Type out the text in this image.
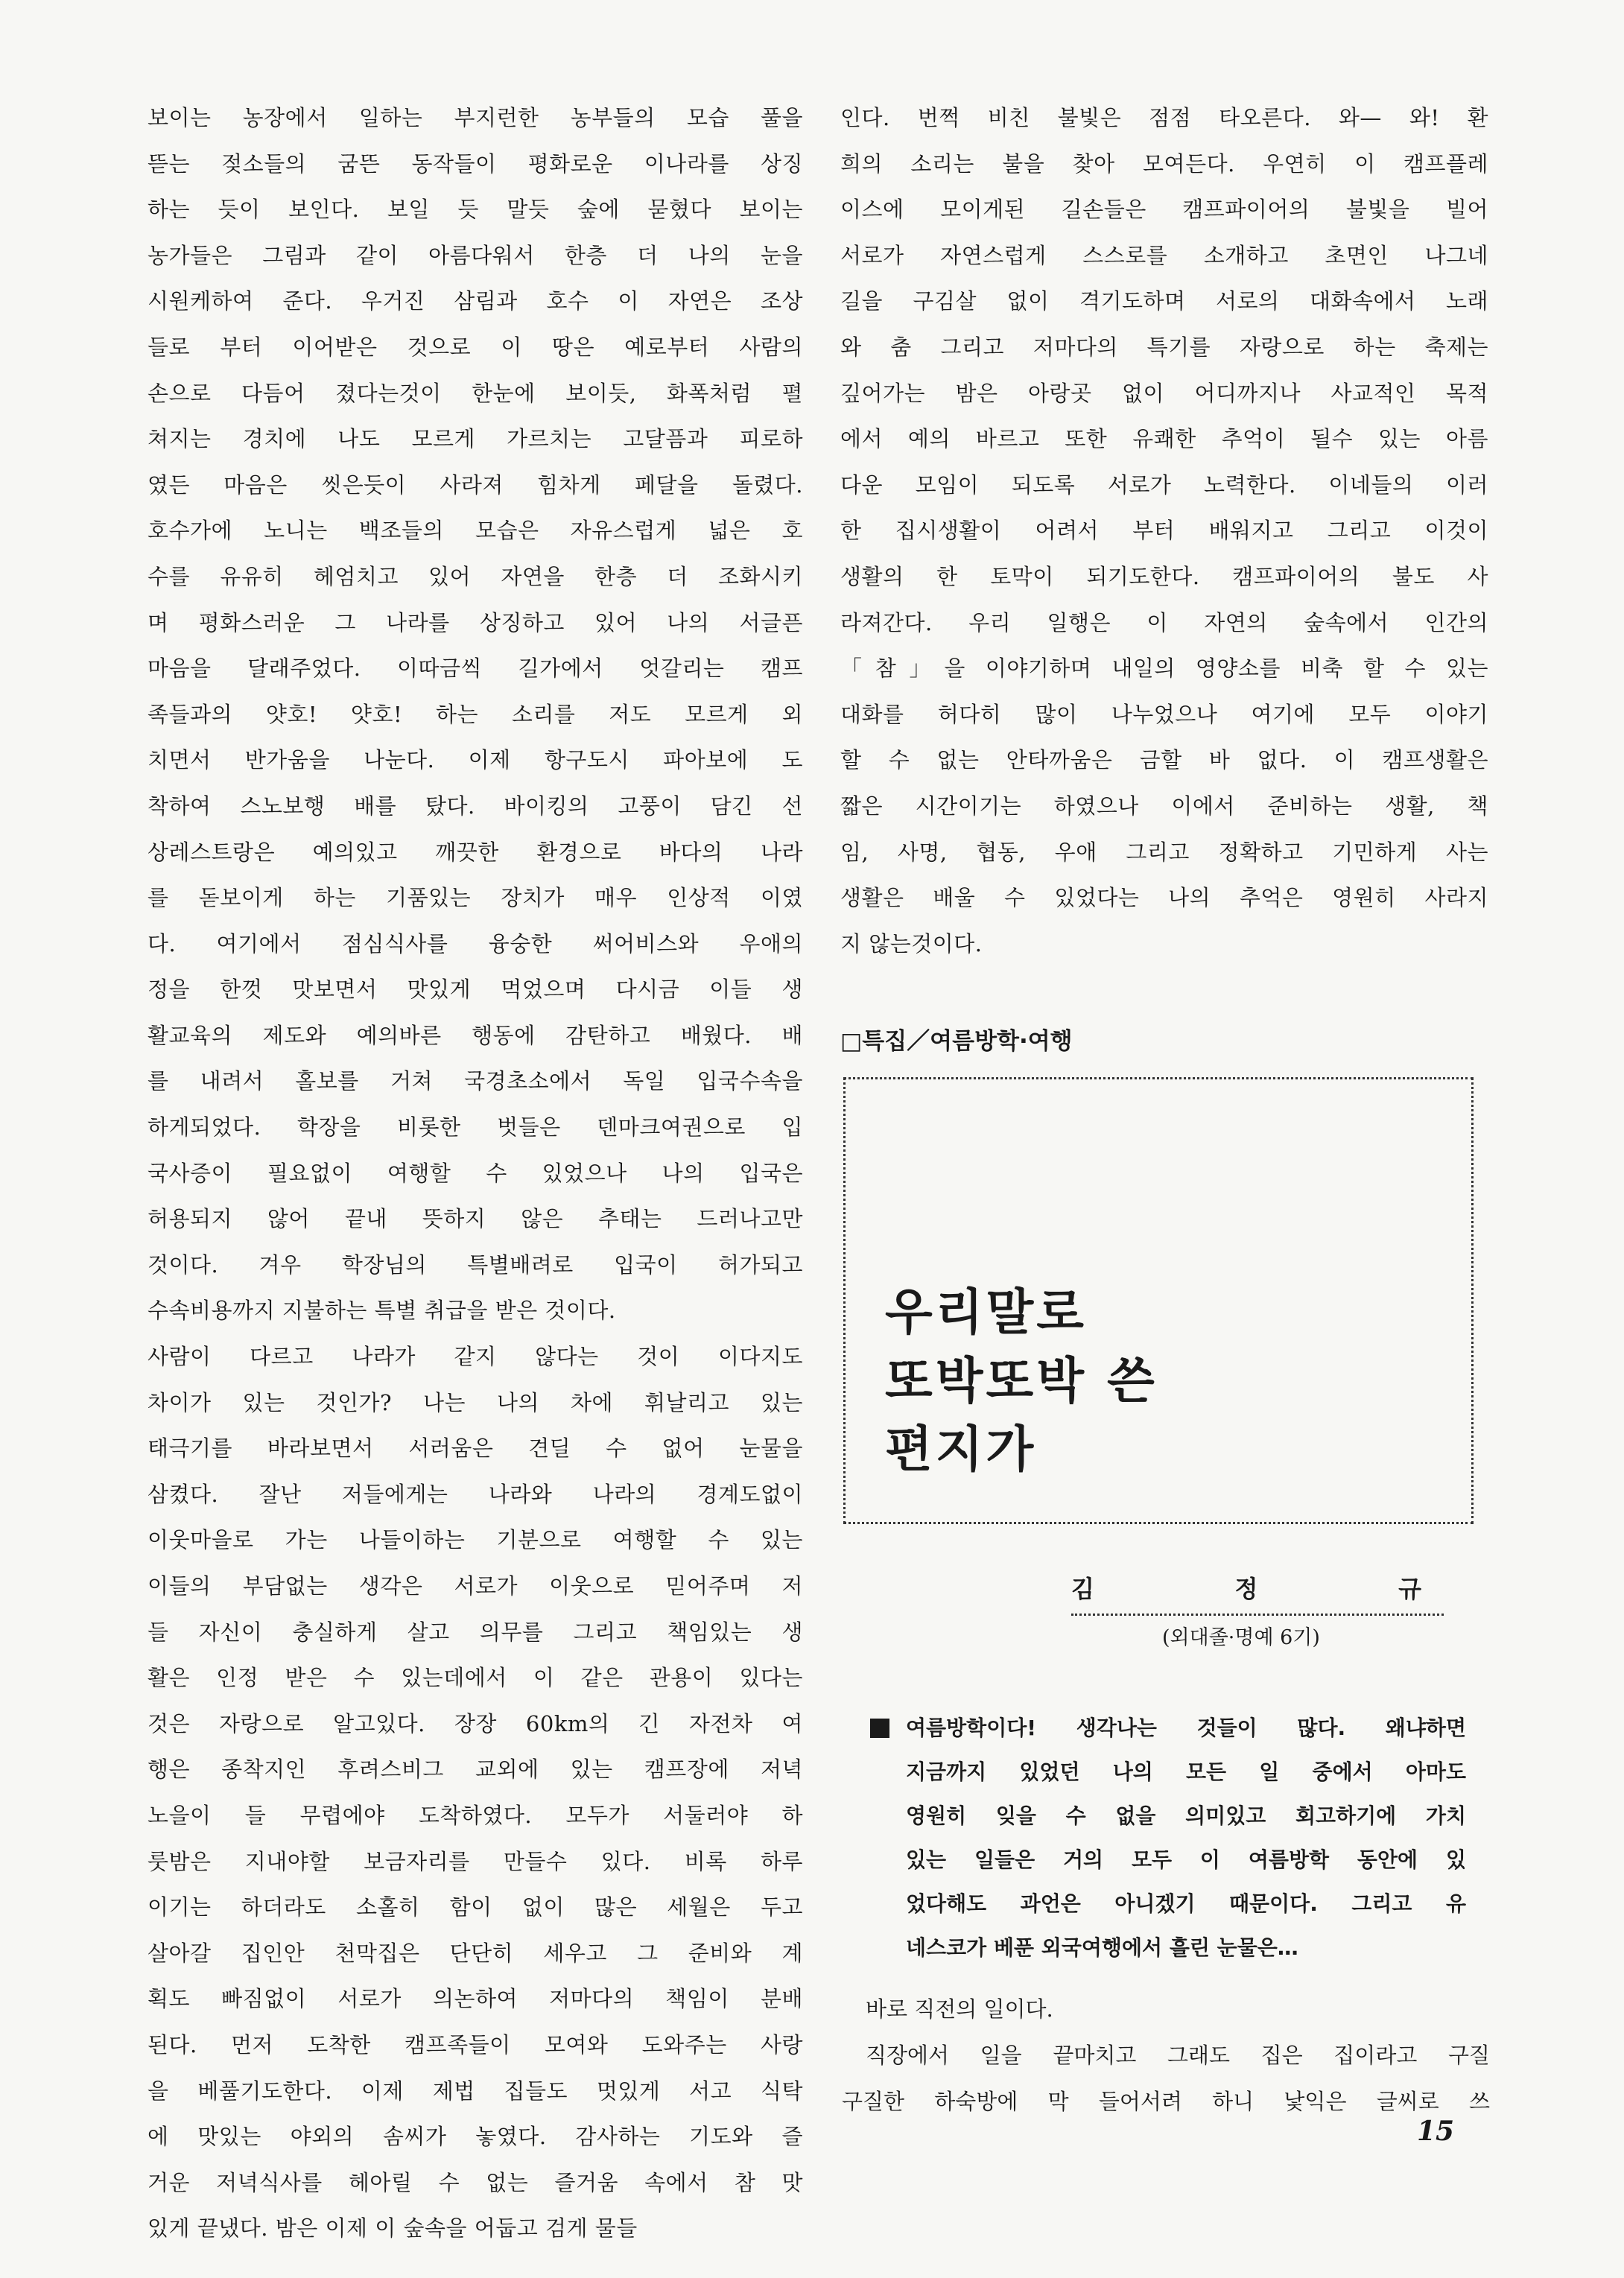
보이는 농장에서 일하는 부지런한 농부들의 모습 풀을

뜯는 젖소들의 굼뜬 동작들이 평화로운 이나라를 상징

하는 듯이 보인다. 보일 듯 말듯 숲에 묻혔다 보이는

농가들은 그림과 같이 아름다워서 한층 더 나의 눈을

시원케하여 준다. 우거진 삼림과 호수 이 자연은 조상

들로 부터 이어받은 것으로 이 땅은 예로부터 사람의

손으로 다듬어 졌다는것이 한눈에 보이듯, 화폭처럼 펼

쳐지는 경치에 나도 모르게 가르치는 고달픔과 피로하

였든 마음은 씻은듯이 사라져 힘차게 페달을 돌렸다.

호수가에 노니는 백조들의 모습은 자유스럽게 넓은 호

수를 유유히 헤엄치고 있어 자연을 한층 더 조화시키

며 평화스러운 그 나라를 상징하고 있어 나의 서글픈

마음을 달래주었다. 이따금씩 길가에서 엇갈리는 캠프

족들과의 얏호! 얏호! 하는 소리를 저도 모르게 외

치면서 반가움을 나눈다. 이제 항구도시 파아보에 도

착하여 스노보행 배를 탔다. 바이킹의 고풍이 담긴 선

상레스트랑은 예의있고 깨끗한 환경으로 바다의 나라

를 돋보이게 하는 기품있는 장치가 매우 인상적 이였

다. 여기에서 점심식사를 융숭한 써어비스와 우애의

정을 한껏 맛보면서 맛있게 먹었으며 다시금 이들 생

활교육의 제도와 예의바른 행동에 감탄하고 배웠다. 배

를 내려서 홀보를 거쳐 국경초소에서 독일 입국수속을

하게되었다. 학장을 비롯한 벗들은 덴마크여권으로 입

국사증이 필요없이 여행할 수 있었으나 나의 입국은

허용되지 않어 끝내 뜻하지 않은 추태는 드러나고만

것이다. 겨우 학장님의 특별배려로 입국이 허가되고

수속비용까지 지불하는 특별 취급을 받은 것이다.

사람이 다르고 나라가 같지 않다는 것이 이다지도

차이가 있는 것인가? 나는 나의 차에 휘날리고 있는

태극기를 바라보면서 서러움은 견딜 수 없어 눈물을

삼켰다. 잘난 저들에게는 나라와 나라의 경계도없이

이웃마을로 가는 나들이하는 기분으로 여행할 수 있는

이들의 부담없는 생각은 서로가 이웃으로 믿어주며 저

들 자신이 충실하게 살고 의무를 그리고 책임있는 생

활은 인정 받은 수 있는데에서 이 같은 관용이 있다는

것은 자랑으로 알고있다. 장장 60km의 긴 자전차 여

행은 종착지인 후려스비그 교외에 있는 캠프장에 저녁

노을이 들 무렵에야 도착하였다. 모두가 서둘러야 하

룻밤은 지내야할 보금자리를 만들수 있다. 비록 하루

이기는 하더라도 소홀히 함이 없이 많은 세월은 두고

살아갈 집인안 천막집은 단단히 세우고 그 준비와 계

획도 빠짐없이 서로가 의논하여 저마다의 책임이 분배

된다. 먼저 도착한 캠프족들이 모여와 도와주는 사랑

을 베풀기도한다. 이제 제법 집들도 멋있게 서고 식탁

에 맛있는 야외의 솜씨가 놓였다. 감사하는 기도와 즐

거운 저녁식사를 헤아릴 수 없는 즐거움 속에서 참 맛

있게 끝냈다. 밤은 이제 이 숲속을 어둡고 검게 물들

인다. 번쩍 비친 불빛은 점점 타오른다. 와— 와! 환

희의 소리는 불을 찾아 모여든다. 우연히 이 캠프플레

이스에 모이게된 길손들은 캠프파이어의 불빛을 빌어

서로가 자연스럽게 스스로를 소개하고 초면인 나그네

길을 구김살 없이 격기도하며 서로의 대화속에서 노래

와 춤 그리고 저마다의 특기를 자랑으로 하는 축제는

깊어가는 밤은 아랑곳 없이 어디까지나 사교적인 목적

에서 예의 바르고 또한 유쾌한 추억이 될수 있는 아름

다운 모임이 되도록 서로가 노력한다. 이네들의 이러

한 집시생활이 어려서 부터 배워지고 그리고 이것이

생활의 한 토막이 되기도한다. 캠프파이어의 불도 사

라져간다. 우리 일행은 이 자연의 숲속에서 인간의

「참」을 이야기하며 내일의 영양소를 비축 할 수 있는

대화를 허다히 많이 나누었으나 여기에 모두 이야기

할 수 없는 안타까움은 금할 바 없다. 이 캠프생활은

짧은 시간이기는 하였으나 이에서 준비하는 생활, 책

임, 사명, 협동, 우애 그리고 정확하고 기민하게 사는

생활은 배울 수 있었다는 나의 추억은 영원히 사라지

지 않는것이다.

□특집／여름방학·여행
우리말로
또박또박 쓴
편지가
김	정	규
(외대졸·명예 6기)
여름방학이다! 생각나는 것들이 많다. 왜냐하면
지금까지 있었던 나의 모든 일 중에서 아마도
영원히 잊을 수 없을 의미있고 회고하기에 가치
있는 일들은 거의 모두 이 여름방학 동안에 있
었다해도 과언은 아니겠기 때문이다. 그리고 유
네스코가 베푼 외국여행에서 흘린 눈물은…

바로 직전의 일이다.

직장에서 일을 끝마치고 그래도 집은 집이라고 구질

구질한 하숙방에 막 들어서려 하니 낯익은 글씨로 쓰

15
